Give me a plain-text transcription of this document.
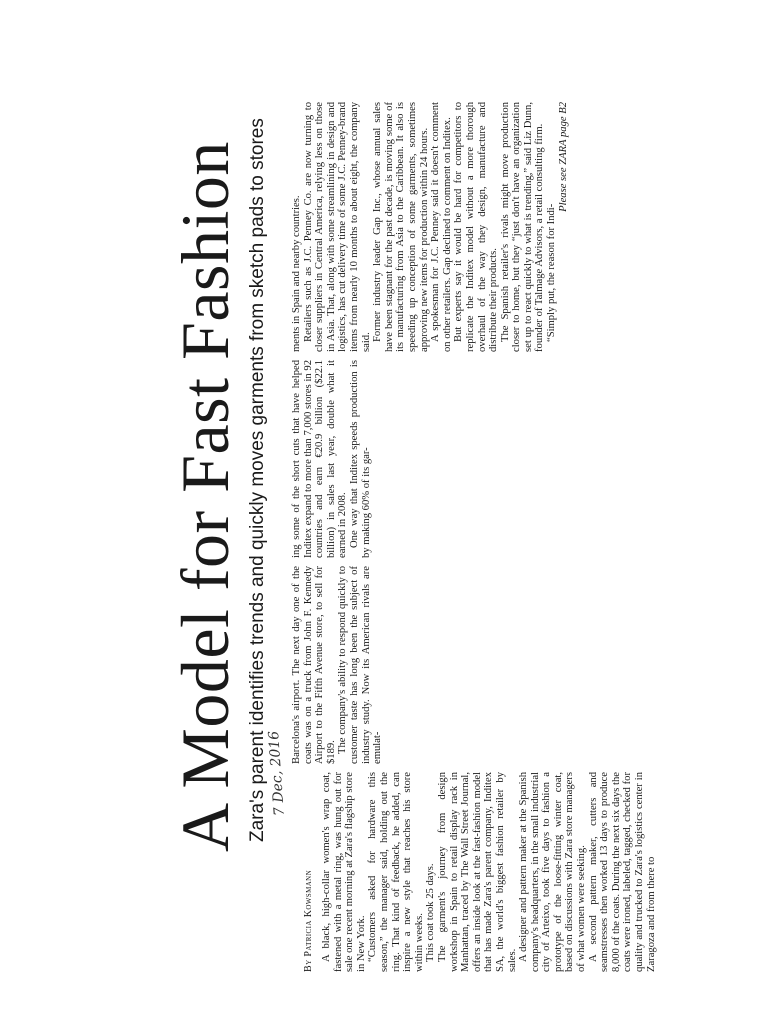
A Model for Fast Fashion Zara's parent identifies trends and quickly moves garments from sketch pads to stores
7 Dec, 2016
By Patricia Kowsmann A black, high-collar women's wrap coat, fastened with a metal ring, was hung out for sale one recent morning at Zara's flagship store in New York. “Customers asked for hardware this season,” the manager said, holding out the ring. That kind of feedback, he added, can inspire a new style that reaches his store within weeks. This coat took 25 days. The garment's journey from design workshop in Spain to retail display rack in Manhattan, traced by The Wall Street Journal, offers an inside look at the fast-fashion model that has made Zara's parent company, Inditex SA, the world's biggest fashion retailer by sales. A designer and pattern maker at the Spanish company's headquarters, in the small industrial city of Arteixo, took five days to fashion a prototype of the loose-fitting winter coat, based on discussions with Zara store managers of what women were seeking. A second pattern maker, cutters and seamstresses then worked 13 days to produce 8,000 of the coats. During the next six days the coats were ironed, labeled, tagged, checked for quality and trucked to Zara's logistics center in Zaragoza and from there to

Barcelona's airport. The next day one of the coats was on a truck from John F. Kennedy Airport to the Fifth Avenue store, to sell for $189. The company's ability to respond quickly to customer taste has long been the subject of industry study. Now its American rivals are emulat-

ing some of the short cuts that have helped Inditex expand to more than 7,000 stores in 92 countries and earn €20.9 billion ($22.1 billion) in sales last year, double what it earned in 2008. One way that Inditex speeds production is by making 60% of its gar-

ments in Spain and nearby countries. Retailers such as J.C. Penney Co. are now turning to closer suppliers in Central America, relying less on those in Asia. That, along with some streamlining in design and logistics, has cut delivery time of some J.C. Penney-brand items from nearly 10 months to about eight, the company said.

Former industry leader Gap Inc., whose annual sales have been stagnant for the past decade, is moving some of its manufacturing from Asia to the Caribbean. It also is speeding up conception of some garments, sometimes approving new items for production within 24 hours. A spokesman for J.C. Penney said it doesn't comment on other retailers. Gap declined to comment on Inditex. But experts say it would be hard for competitors to replicate the Inditex model without a more thorough overhaul of the way they design, manufacture and distribute their products. The Spanish retailer's rivals might move production closer to home, but they “just don't have an organization set up to react quickly to what is trending,” said Liz Dunn, founder of Talmage Advisors, a retail consulting firm. “Simply put, the reason for Indi-

Please see ZARA page B2
